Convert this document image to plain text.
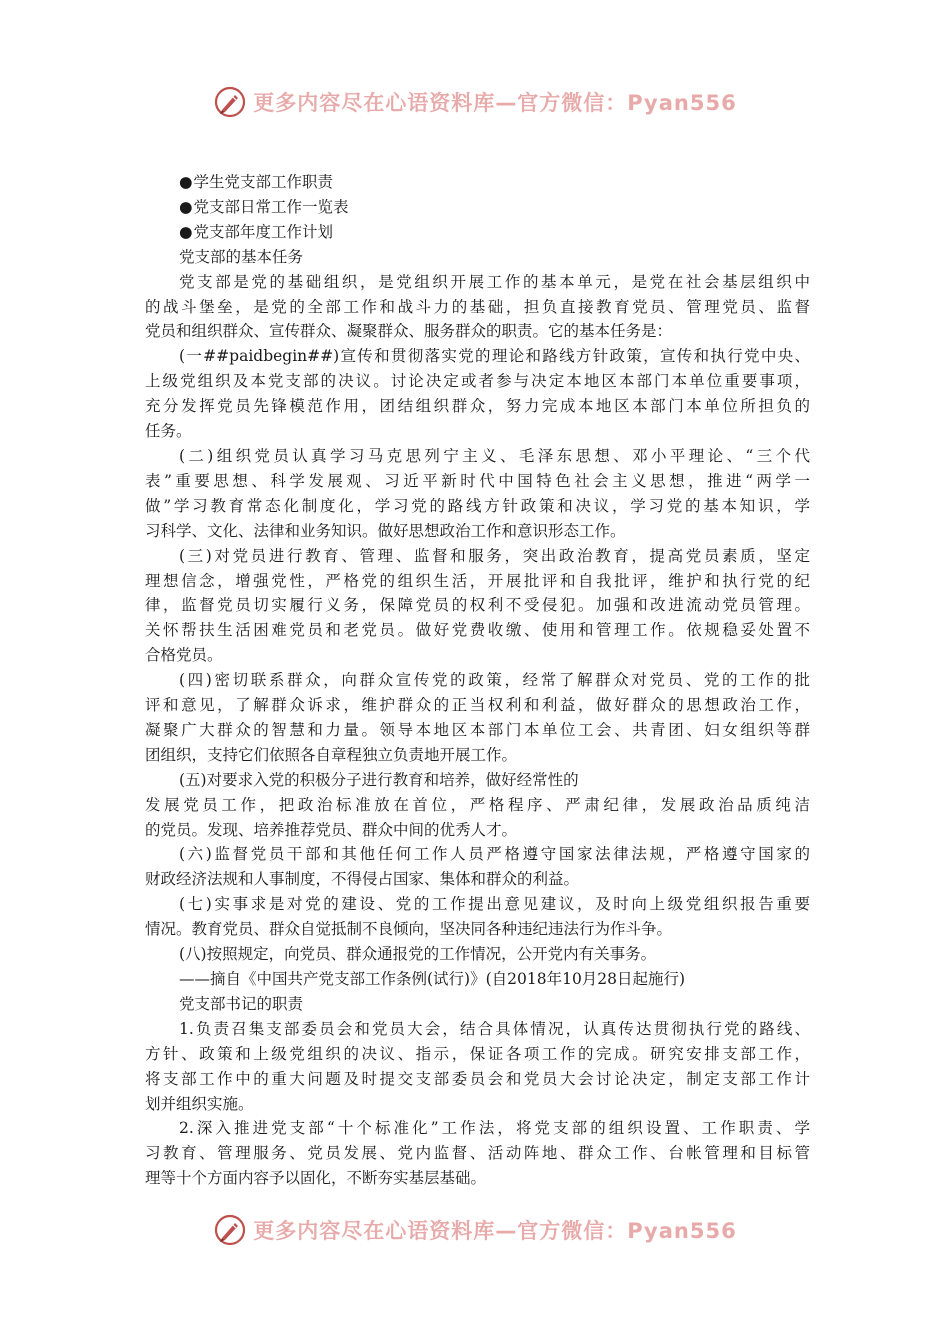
更多内容尽在心语资料库—官方微信：Pyan556
●学生党支部工作职责
●党支部日常工作一览表
●党支部年度工作计划
党支部的基本任务
党支部是党的基础组织，是党组织开展工作的基本单元，是党在社会基层组织中
的战斗堡垒，是党的全部工作和战斗力的基础，担负直接教育党员、管理党员、监督
党员和组织群众、宣传群众、凝聚群众、服务群众的职责。它的基本任务是：
(一##paidbegin##)宣传和贯彻落实党的理论和路线方针政策，宣传和执行党中央、
上级党组织及本党支部的决议。讨论决定或者参与决定本地区本部门本单位重要事项，
充分发挥党员先锋模范作用，团结组织群众，努力完成本地区本部门本单位所担负的
任务。
(二)组织党员认真学习马克思列宁主义、毛泽东思想、邓小平理论、“三个代
表”重要思想、科学发展观、习近平新时代中国特色社会主义思想，推进“两学一
做”学习教育常态化制度化，学习党的路线方针政策和决议，学习党的基本知识，学
习科学、文化、法律和业务知识。做好思想政治工作和意识形态工作。
(三)对党员进行教育、管理、监督和服务，突出政治教育，提高党员素质，坚定
理想信念，增强党性，严格党的组织生活，开展批评和自我批评，维护和执行党的纪
律，监督党员切实履行义务，保障党员的权利不受侵犯。加强和改进流动党员管理。
关怀帮扶生活困难党员和老党员。做好党费收缴、使用和管理工作。依规稳妥处置不
合格党员。
(四)密切联系群众，向群众宣传党的政策，经常了解群众对党员、党的工作的批
评和意见，了解群众诉求，维护群众的正当权利和利益，做好群众的思想政治工作，
凝聚广大群众的智慧和力量。领导本地区本部门本单位工会、共青团、妇女组织等群
团组织，支持它们依照各自章程独立负责地开展工作。
(五)对要求入党的积极分子进行教育和培养，做好经常性的
发展党员工作，把政治标准放在首位，严格程序、严肃纪律，发展政治品质纯洁
的党员。发现、培养推荐党员、群众中间的优秀人才。
(六)监督党员干部和其他任何工作人员严格遵守国家法律法规，严格遵守国家的
财政经济法规和人事制度，不得侵占国家、集体和群众的利益。
(七)实事求是对党的建设、党的工作提出意见建议，及时向上级党组织报告重要
情况。教育党员、群众自觉抵制不良倾向，坚决同各种违纪违法行为作斗争。
(八)按照规定，向党员、群众通报党的工作情况，公开党内有关事务。
——摘自《中国共产党支部工作条例(试行)》(自2018年10月28日起施行)
党支部书记的职责
1.负责召集支部委员会和党员大会，结合具体情况，认真传达贯彻执行党的路线、
方针、政策和上级党组织的决议、指示，保证各项工作的完成。研究安排支部工作，
将支部工作中的重大问题及时提交支部委员会和党员大会讨论决定，制定支部工作计
划并组织实施。
2.深入推进党支部“十个标准化”工作法，将党支部的组织设置、工作职责、学
习教育、管理服务、党员发展、党内监督、活动阵地、群众工作、台帐管理和目标管
理等十个方面内容予以固化，不断夯实基层基础。
更多内容尽在心语资料库—官方微信：Pyan556
